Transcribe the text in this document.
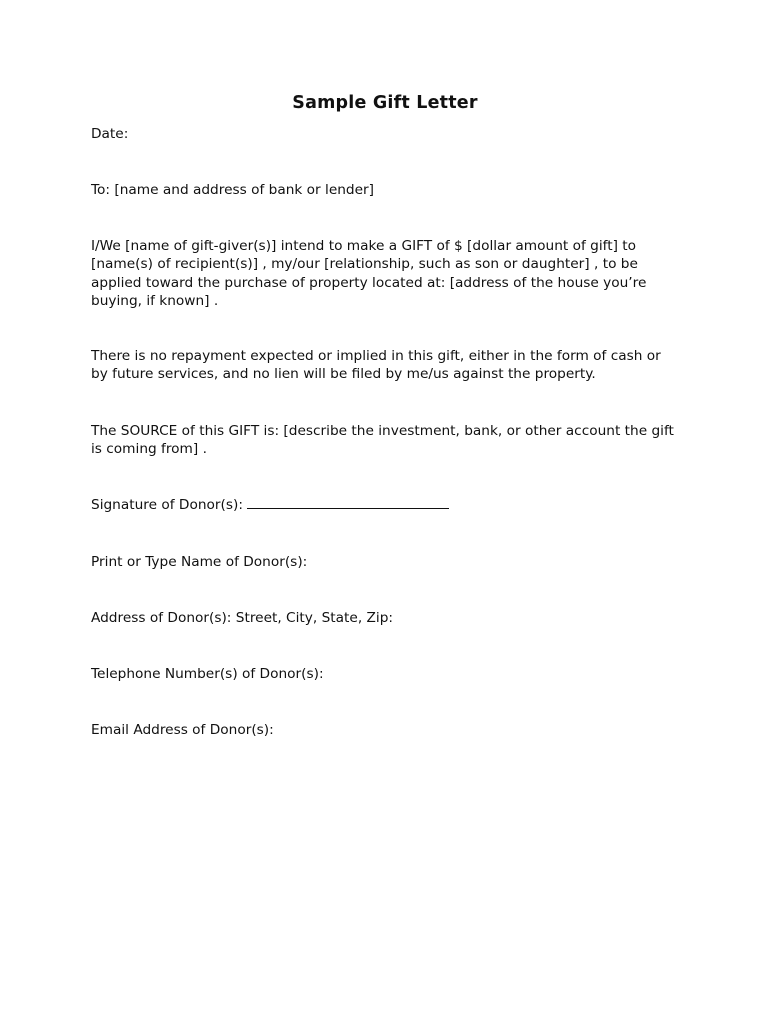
Sample Gift Letter
Date:
To: [name and address of bank or lender]
I/We [name of gift-giver(s)] intend to make a GIFT of $ [dollar amount of gift] to [name(s) of recipient(s)] , my/our [relationship, such as son or daughter] , to be applied toward the purchase of property located at: [address of the house you’re buying, if known] .
There is no repayment expected or implied in this gift, either in the form of cash or by future services, and no lien will be filed by me/us against the property.
The SOURCE of this GIFT is: [describe the investment, bank, or other account the gift is coming from] .
Signature of Donor(s):
Print or Type Name of Donor(s):
Address of Donor(s): Street, City, State, Zip:
Telephone Number(s) of Donor(s):
Email Address of Donor(s):
